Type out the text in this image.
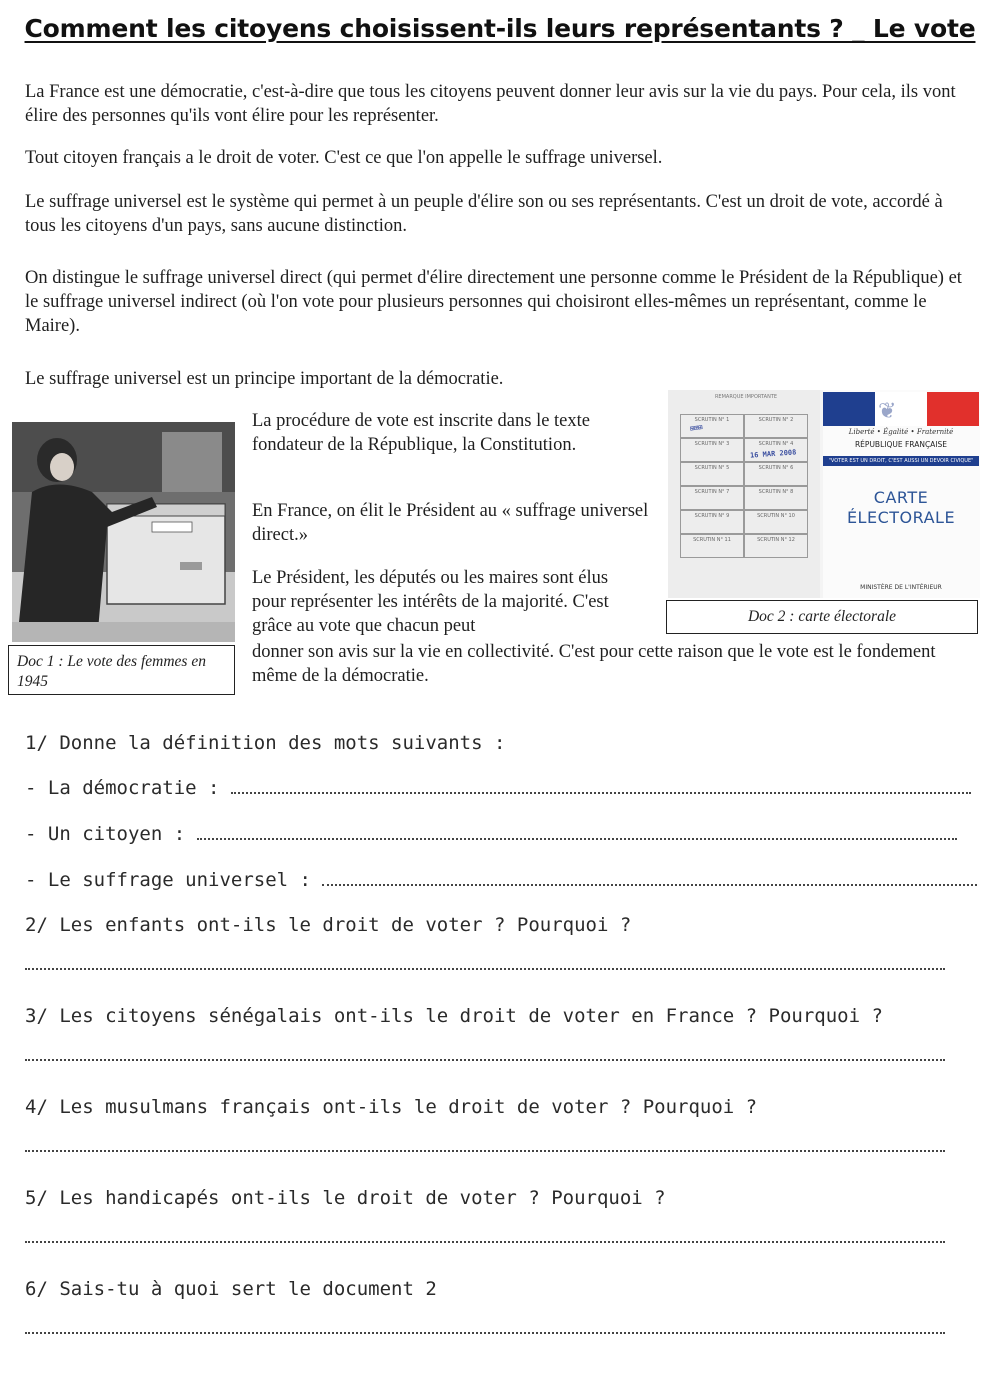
Comment les citoyens choisissent-ils leurs représentants ? _ Le vote

La France est une démocratie, c'est-à-dire que tous les citoyens peuvent donner leur avis sur la vie du pays. Pour cela, ils vont élire des personnes qu'ils vont élire pour les représenter.

Tout citoyen français a le droit de voter. C'est ce que l'on appelle le suffrage universel.

Le suffrage universel est le système qui permet à un peuple d'élire son ou ses représentants. C'est un droit de vote, accordé à tous les citoyens d'un pays, sans aucune distinction.

On distingue le suffrage universel direct (qui permet d'élire directement une personne comme le Président de la République) et le suffrage universel indirect (où l'on vote pour plusieurs personnes qui choisiront elles-mêmes un représentant, comme le Maire).

Le suffrage universel est un principe important de la démocratie.

Doc 1 : Le vote des femmes en 1945

La procédure de vote est inscrite dans le texte fondateur de la République, la Constitution.

En France, on élit le Président au « suffrage universel direct.»

Le Président, les députés ou les maires sont élus pour représenter les intérêts de la majorité. C'est grâce au vote que chacun peut

donner son avis sur la vie en collectivité. C'est pour cette raison que le vote est le fondement même de la démocratie.

REMARQUE IMPORTANTE
SCRUTIN N° 1	SCRUTIN N° 2
SCRUTIN N° 3	SCRUTIN N° 4
SCRUTIN N° 5	SCRUTIN N° 6
SCRUTIN N° 7	SCRUTIN N° 8
SCRUTIN N° 9	SCRUTIN N° 10
SCRUTIN N° 11	SCRUTIN N° 12
⊞⊞⊞
16 MAR 2008
❦
Liberté • Égalité • Fraternité
RÉPUBLIQUE FRANÇAISE
"VOTER EST UN DROIT, C'EST AUSSI UN DEVOIR CIVIQUE"
CARTE
ÉLECTORALE
MINISTÈRE DE L'INTÉRIEUR
Doc 2 : carte électorale
1/ Donne la définition des mots suivants :
- La démocratie :
- Un citoyen :
- Le suffrage universel :
2/ Les enfants ont-ils le droit de voter ? Pourquoi ?
3/ Les citoyens sénégalais ont-ils le droit de voter en France ? Pourquoi ?
4/ Les musulmans français ont-ils le droit de voter ? Pourquoi ?
5/ Les handicapés ont-ils le droit de voter ? Pourquoi ?
6/ Sais-tu à quoi sert le document 2
